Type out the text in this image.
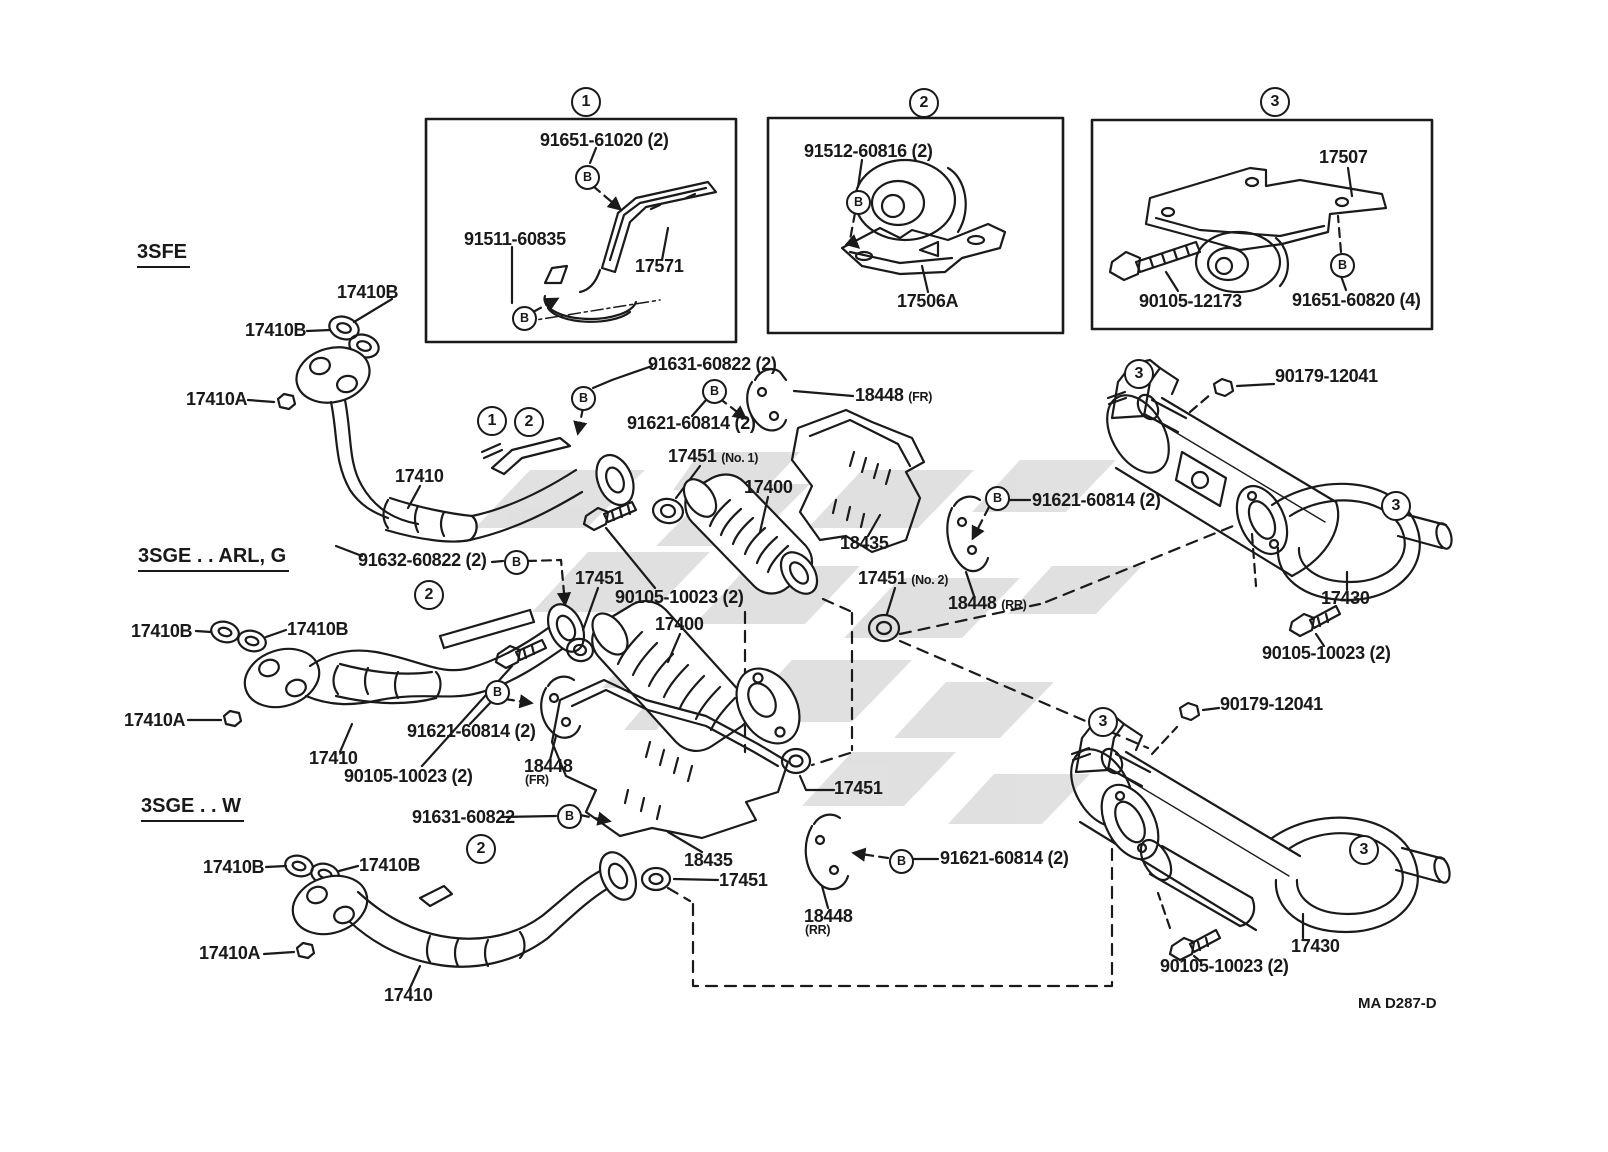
1	2	3
1	2
2
2
3
3
3
3
B
B
B
B
B	B
B
B
B
B
B
3SFE
3SGE . . ARL, G
3SGE . . W
91651-61020 (2)
91511-60835
17571
91512-60816 (2)
17506A
17507
90105-12173	91651-60820 (4)
17410B
17410B
17410A
17410
91631-60822 (2)
91621-60814 (2)
18448 (FR)
17451 (No. 1)
17400
18435
91632-60822 (2)
90105-10023 (2)
17451 (No. 2)
18448 (RR)
91621-60814 (2)
90179-12041
17430
90105-10023 (2)
17410B	17410B
17410A
17410
91621-60814 (2)
18448
(FR)
17451
90105-10023 (2)
17400
18435
17451
91631-60822
17410B	17410B
17410A
17410
17451
18448
(RR)
91621-60814 (2)
90179-12041
17430
90105-10023 (2)
MA D287-D
